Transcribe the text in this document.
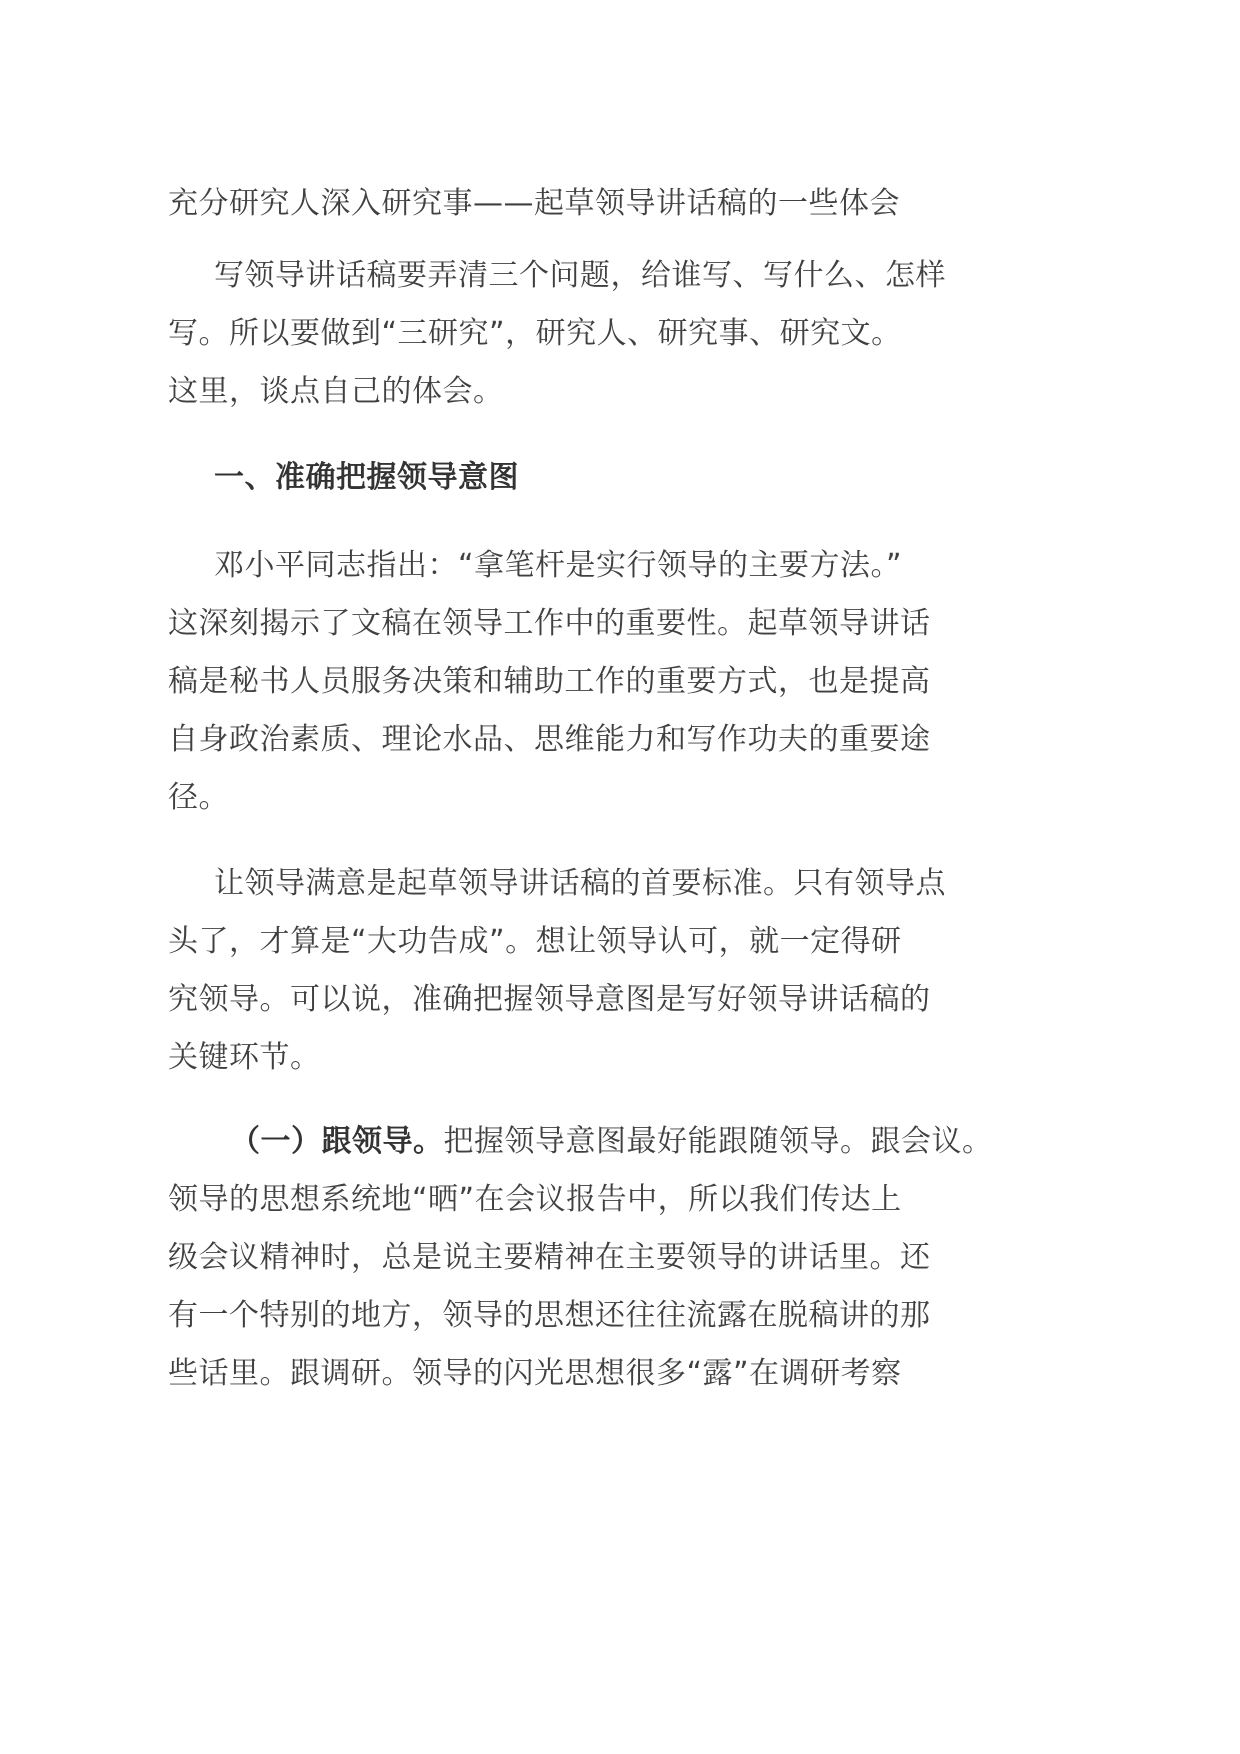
充分研究人深入研究事——起草领导讲话稿的一些体会
写领导讲话稿要弄清三个问题，给谁写、写什么、怎样
写。所以要做到“三研究”，研究人、研究事、研究文。
这里，谈点自己的体会。
一、准确把握领导意图
邓小平同志指出：“拿笔杆是实行领导的主要方法。”
这深刻揭示了文稿在领导工作中的重要性。起草领导讲话
稿是秘书人员服务决策和辅助工作的重要方式，也是提高
自身政治素质、理论水品、思维能力和写作功夫的重要途
径。
让领导满意是起草领导讲话稿的首要标准。只有领导点
头了，才算是“大功告成”。想让领导认可，就一定得研
究领导。可以说，准确把握领导意图是写好领导讲话稿的
关键环节。
（一）跟领导。把握领导意图最好能跟随领导。跟会议。
领导的思想系统地“晒”在会议报告中，所以我们传达上
级会议精神时，总是说主要精神在主要领导的讲话里。还
有一个特别的地方，领导的思想还往往流露在脱稿讲的那
些话里。跟调研。领导的闪光思想很多“露”在调研考察
